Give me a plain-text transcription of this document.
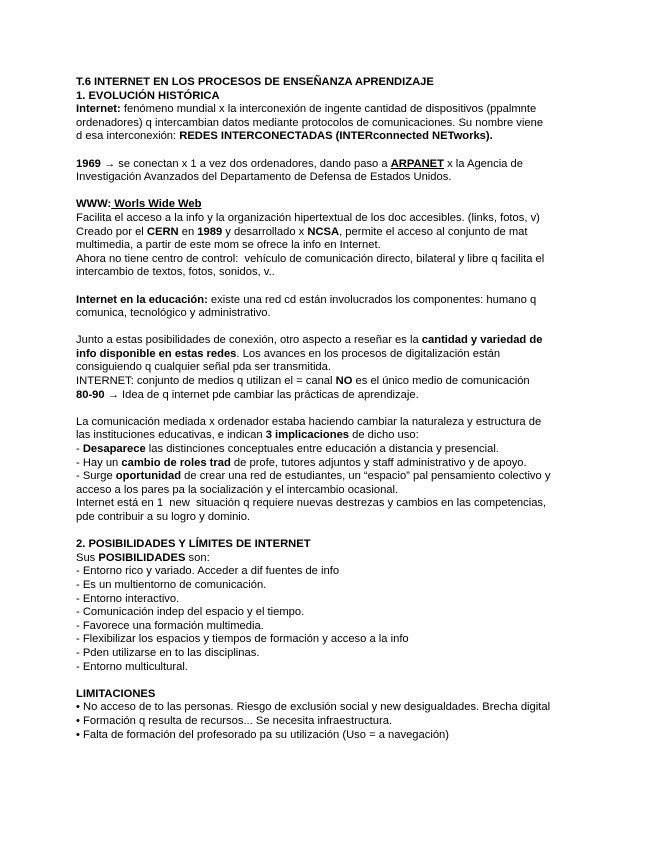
T.6 INTERNET EN LOS PROCESOS DE ENSEÑANZA APRENDIZAJE
1. EVOLUCIÓN HISTÓRICA
Internet: fenómeno mundial x la interconexión de ingente cantidad de dispositivos (ppalmnte
ordenadores) q intercambian datos mediante protocolos de comunicaciones. Su nombre viene
d esa interconexión: REDES INTERCONECTADAS (INTERconnected NETworks).
1969 → se conectan x 1 a vez dos ordenadores, dando paso a ARPANET x la Agencia de
Investigación Avanzados del Departamento de Defensa de Estados Unidos.
WWW: Worls Wide Web
Facilita el acceso a la info y la organización hipertextual de los doc accesibles. (links, fotos, v)
Creado por el CERN en 1989 y desarrollado x NCSA, permite el acceso al conjunto de mat
multimedia, a partir de este mom se ofrece la info en Internet.
Ahora no tiene centro de control:  vehículo de comunicación directo, bilateral y libre q facilita el
intercambio de textos, fotos, sonidos, v..
Internet en la educación: existe una red cd están involucrados los componentes: humano q
comunica, tecnológico y administrativo.
Junto a estas posibilidades de conexión, otro aspecto a reseñar es la cantidad y variedad de
info disponible en estas redes. Los avances en los procesos de digitalización están
consiguiendo q cualquier señal pda ser transmitida.
INTERNET: conjunto de medios q utilizan el = canal NO es el único medio de comunicación
80-90 → Idea de q internet pde cambiar las prácticas de aprendizaje.
La comunicación mediada x ordenador estaba haciendo cambiar la naturaleza y estructura de
las instituciones educativas, e indican 3 implicaciones de dicho uso:
- Desaparece las distinciones conceptuales entre educación a distancia y presencial.
- Hay un cambio de roles trad de profe, tutores adjuntos y staff administrativo y de apoyo.
- Surge oportunidad de crear una red de estudiantes, un “espacio” pal pensamiento colectivo y
acceso a los pares pa la socialización y el intercambio ocasional.
Internet está en 1  new  situación q requiere nuevas destrezas y cambios en las competencias,
pde contribuir a su logro y dominio.
2. POSIBILIDADES Y LÍMITES DE INTERNET
Sus POSIBILIDADES son:
- Entorno rico y variado. Acceder a dif fuentes de info
- Es un multientorno de comunicación.
- Entorno interactivo.
- Comunicación indep del espacio y el tiempo.
- Favorece una formación multimedia.
- Flexibilizar los espacios y tiempos de formación y acceso a la info
- Pden utilizarse en to las disciplinas.
- Entorno multicultural.
LIMITACIONES
• No acceso de to las personas. Riesgo de exclusión social y new desigualdades. Brecha digital
• Formación q resulta de recursos... Se necesita infraestructura.
• Falta de formación del profesorado pa su utilización (Uso = a navegación)
